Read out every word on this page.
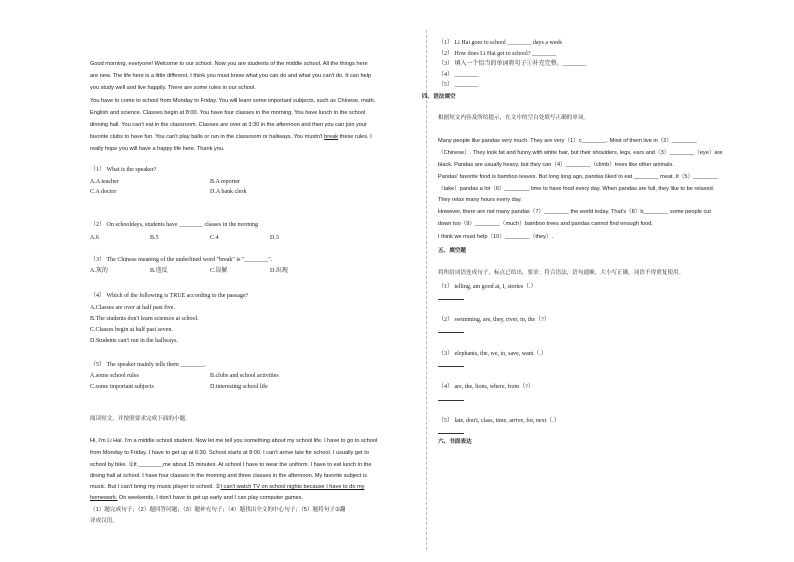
Good morning, everyone! Welcome to our school. Now you are students of the middle school. All the things here
are new. The life here is a little different. I think you must know what you can do and what you can't do. It can help
you study well and live happily. There are some rules in our school.
You have to come to school from Monday to Friday. You will learn some important subjects, such as Chinese, math,
English and science. Classes begin at 8:00. You have four classes in the morning. You have lunch in the school
dinning hall. You can't eat in the classroom. Classes are over at 3:30 in the afternoon and then you can join your
favorite clubs to have fun. You can't play balls or run in the classroom or hallways. You mustn't break these rules. I
really hope you will have a happy life here. Thank you.
（1） What is the speaker?
A.A teacher	B.A reporter
C.A doctor	D.A bank clerk
（2） On schooldays, students have ________ classes in the morning
A.6	B.5	C.4	D.3
（3） The Chinese meaning of the underlined word "break" is "________".
A.灰的	B.违反	C.误解	D.出现
（4） Which of the following is TRUE according to the passage?
A.Classes are over at half past five.
B.The students don't learn sciences at school.
C.Classes begin at half past seven.
D.Students can't run in the hallways.
（5） The speaker mainly tells them ________.
A.some school rules	B.clubs and school activities
C.some important subjects	D.interesting school life
阅读短文，并按照要求完成下面的小题。
Hi, I'm Li Hai. I'm a middle school student. Now let me tell you something about my school life. I have to go to school
from Monday to Friday. I have to get up at 6:30. School starts at 8:00. I can't arrive late for school. I usually get to
school by bike. ①It ________me about 15 minutes. At school I have to wear the uniform. I have to eat lunch in the
dining hall at school. I have four classes in the morning and three classes in the afternoon. My favorite subject is
music. But I can't bring my music player to school. ②I can't watch TV on school nights because I have to do my
homework. On weekends, I don't have to get up early and I can play computer games.
（1）题完成句子；（2）题回答问题；（3）题补充句子；（4）题找出全文的中心句子；（5）题将句子②翻
译成汉语。
（1） Li Hai goes to school ________ days a week
（2） How does Li Hai get to school? ________
（3） 填入一个恰当的单词将句子①补充完整。________
（4） ________
（5） ________
四、语法填空
根据短文内容及所给提示，在文中的空白处填写正确的单词。
Many people like pandas very much. They are very（1）c________. Most of them live in（2）________
（Chinese）. They look fat and funny with white hair, but their shoulders, legs, ears and（3）________（eye）are
black. Pandas are usually heavy, but they can（4）________（climb）trees like other animals.
Pandas' favorite food is bamboo leaves. But long long ago, pandas liked to eat ________ meat. It（5）________
（take）pandas a lot（6）________ time to have food every day. When pandas are full, they like to be relaxed.
They relax many hours every day.
However, there are not many pandas（7）________ the world today. That's（8）b________ some people cut
down too（9）________（much）bamboo trees and pandas cannot find enough food.
I think we must help（10）________（they）.
五、填空题
将所给词语连成句子，标点已给出。要求：符合语法，语句通顺，大小写正确，词语不得重复使用。
（1） telling, am good at, I, stories（.）
（2） swimming, are, they, river, in, the（?）
（3） elephants, the, we, to, save, want（.）
（4） are, the, lions, where, from（?）
（5） late, don't, class, time, arrive, for, next（.）
六、书面表达
